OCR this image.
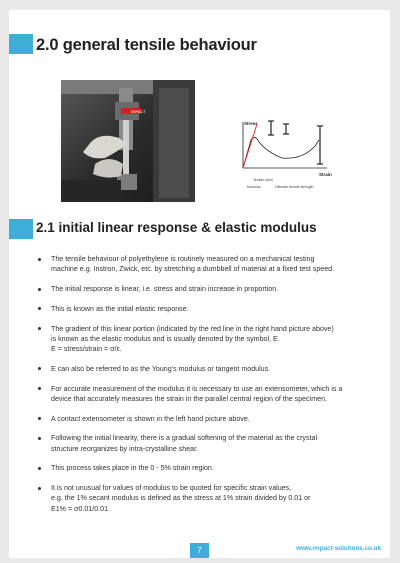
2.0 general tensile behaviour
IMPACT
Stress
Strain
Tensile yield
Modulus	Ultimate tensile strength
2.1 initial linear response & elastic modulus
The tensile behaviour of polyethylene is routinely measured on a mechanical testing
machine e.g. Instron, Zwick, etc. by stretching a dumbbell of material at a fixed test speed.
The initial response is linear, i.e. stress and strain increase in proportion.
This is known as the initial elastic response.
The gradient of this linear portion (indicated by the red line in the right hand picture above)
is known as the elastic modulus and is usually denoted by the symbol, E.
E = stress/strain = σ/ε.
E can also be referred to as the Young’s modulus or tangent modulus.
For accurate measurement of the modulus it is necessary to use an extensometer, which is a
device that accurately measures the strain in the parallel central region of the specimen.
A contact extensometer is shown in the left hand picture above.
Following the initial linearity, there is a gradual softening of the material as the crystal
structure reorganizes by intra-crystalline shear.
This process takes place in the 0 - 5% strain region.
It is not unusual for values of modulus to be quoted for specific strain values,
e.g. the 1% secant modulus is defined as the stress at 1% strain divided by 0.01 or
E1% = σ0.01/0.01.
7	www.impact-solutions.co.uk
